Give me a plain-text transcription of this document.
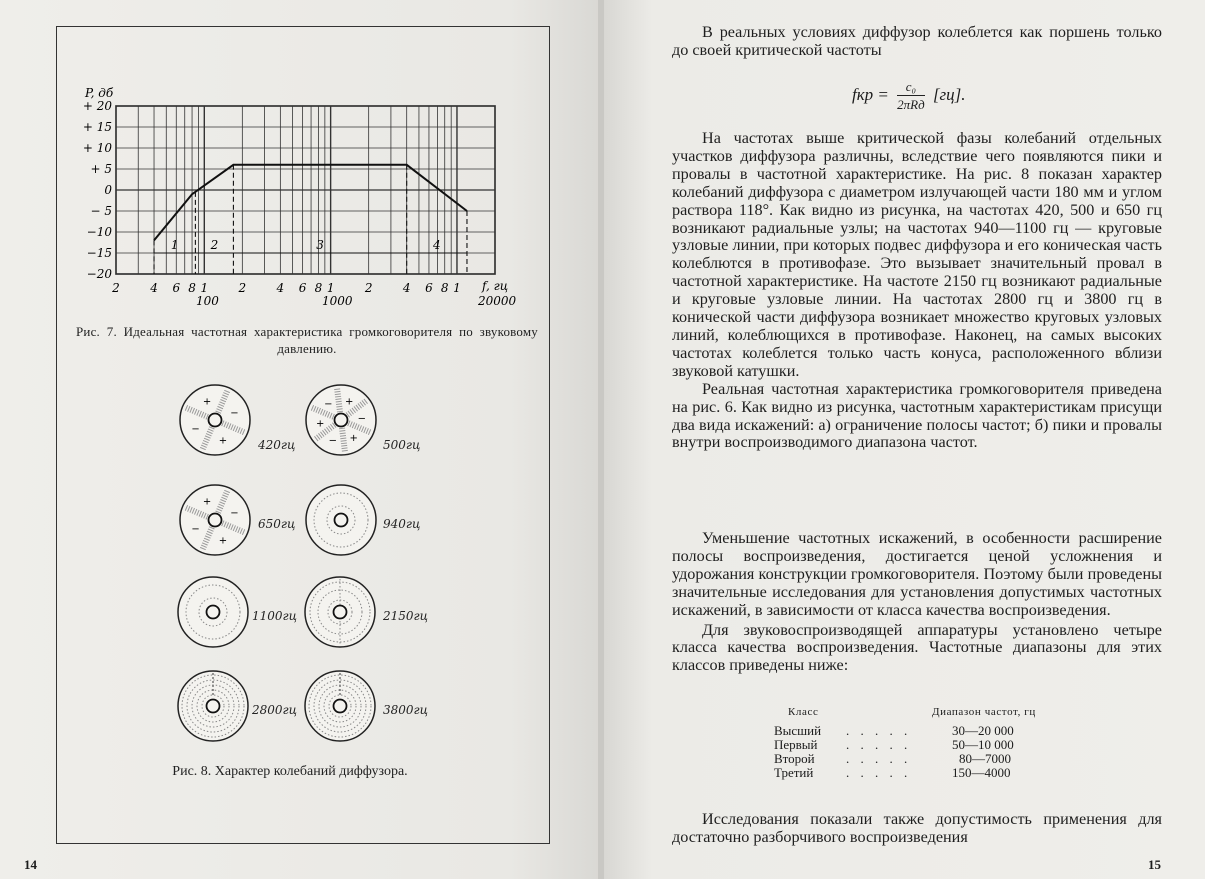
+ 20
+ 15
+ 10
+ 5
0
− 5
−10
−15
−20
2	4 6 8 1	2	4 6 8 1	2	4 6 8 1
P, дб
f, гц
100	1000	20000
1	2	3	4
Рис. 7. Идеальная частотная характеристика громкоговорителя по звуковому давлению.
+
−
+
−
+
−
+
− +
−
+
−
+
−
420гц	500гц
650гц	940гц
1100гц	2150гц
2800гц	3800гц
Рис. 8. Характер колебаний диффузора.
14

В реальных условиях диффузор колеблется как поршень только до своей критической частоты

fкр = $\frac{\text{c₀}}{\text{2πRд}} [гц]$.

На частотах выше критической фазы колебаний отдельных участков диффузора различны, вследствие чего появляются пики и провалы в частотной характеристике. На рис. 8 показан характер колебаний диффузора с диаметром излучающей части 180 мм и углом раствора 118°. Как видно из рисунка, на частотах 420, 500 и 650 гц возникают радиальные узлы; на частотах 940—1100 гц — круговые узловые линии, при которых подвес диффузора и его коническая часть колеблются в противофазе. Это вызывает значительный провал в частотной характеристике. На частоте 2150 гц возникают радиальные и круговые узловые линии. На частотах 2800 гц и 3800 гц в конической части диффузора возникает множество круговых узловых линий, колеблющихся в противофазе. Наконец, на самых высоких частотах колеблется только часть конуса, расположенного вблизи звуковой катушки.

Реальная частотная характеристика громкоговорителя приведена на рис. 6. Как видно из рисунка, частотным характеристикам присущи два вида искажений: а) ограничение полосы частот; б) пики и провалы внутри воспроизводимого диапазона частот.

Уменьшение частотных искажений, в особенности расширение полосы воспроизведения, достигается ценой усложнения и удорожания конструкции громкоговорителя. Поэтому были проведены значительные исследования для установления допустимых частотных искажений, в зависимости от класса качества воспроизведения.

Для звуковоспроизводящей аппаратуры установлено четыре класса качества воспроизведения. Частотные диапазоны для этих классов приведены ниже:

Класс	Диапазон частот, гц
Высший . . . . .	30—20 000
Первый . . . . .	50—10 000
Второй . . . . .	80—7000
Третий	. . . . .	150—4000

Исследования показали также допустимость применения для достаточно разборчивого воспроизведения

15
